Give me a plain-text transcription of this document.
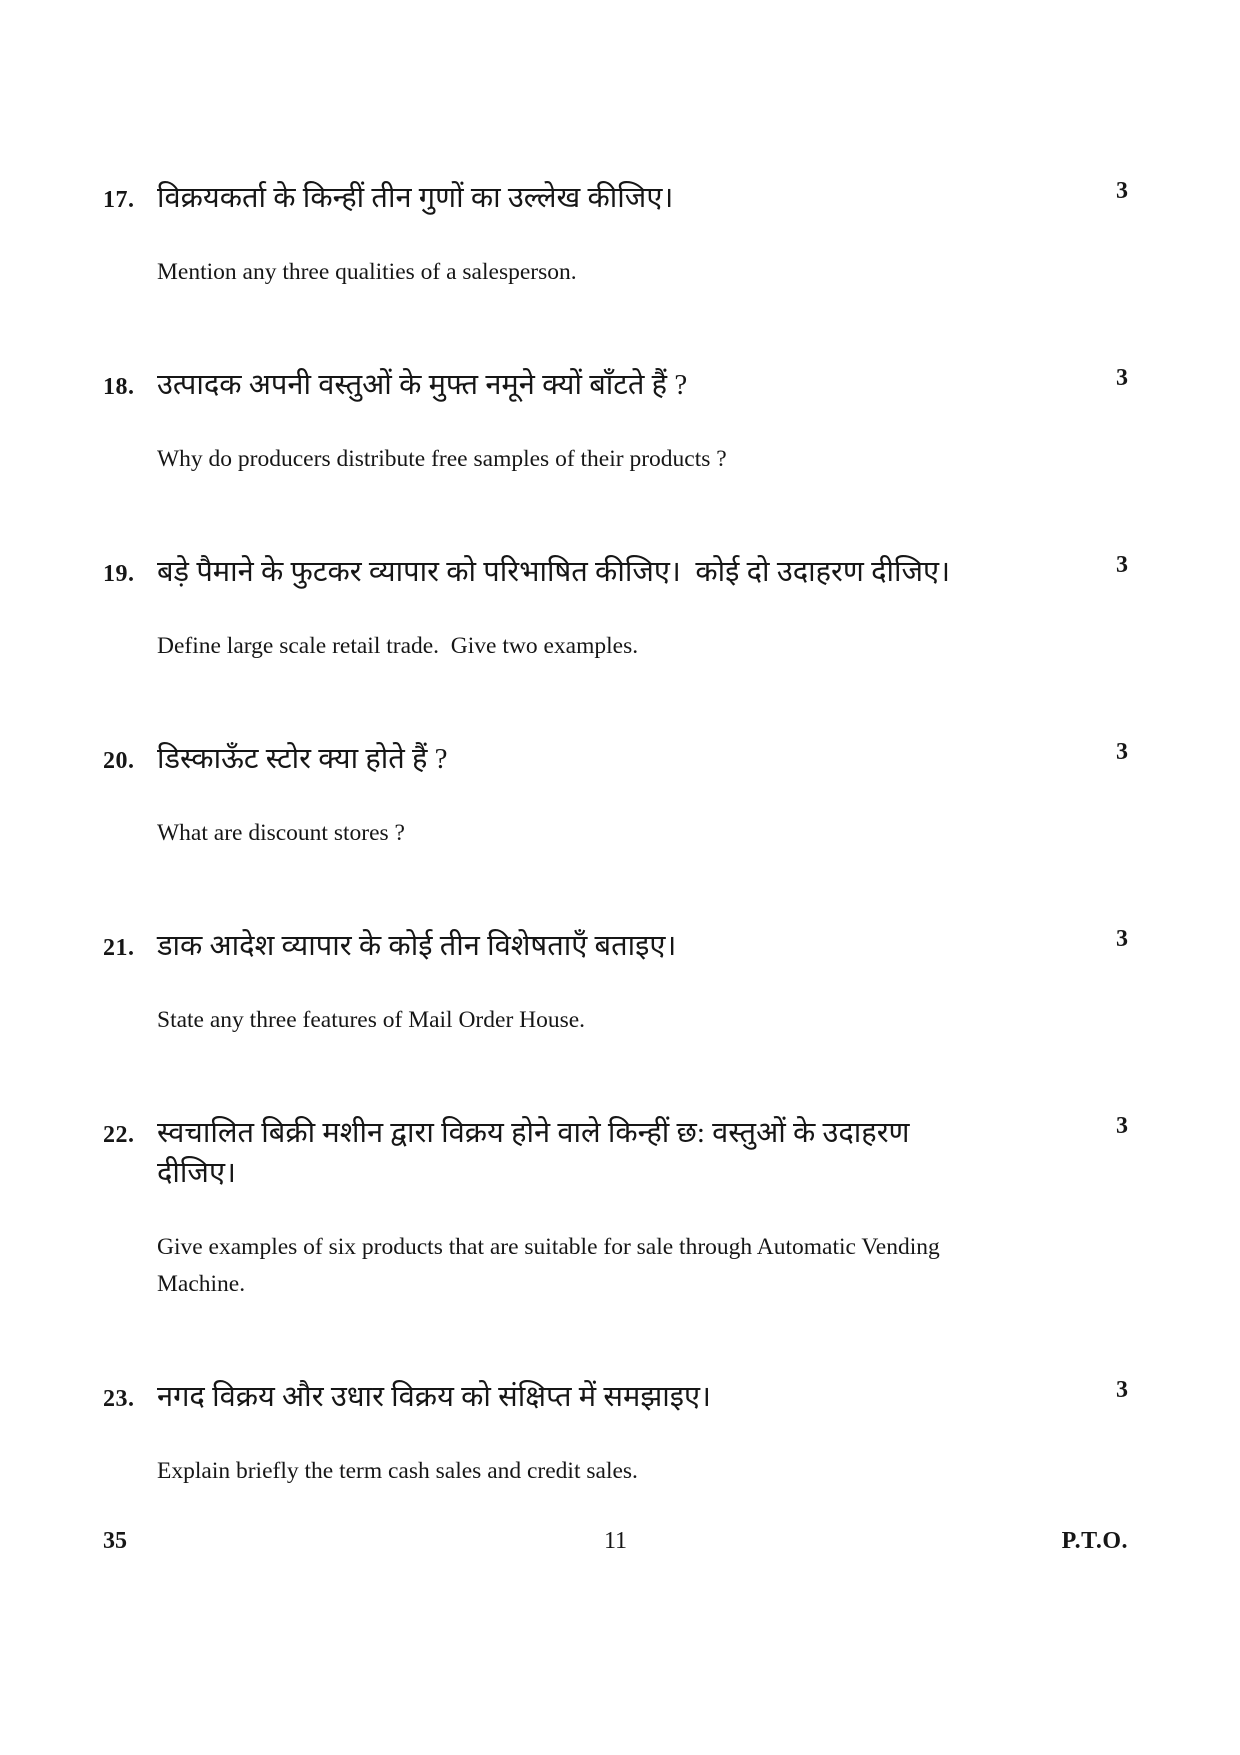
17. विक्रयकर्ता के किन्हीं तीन गुणों का उल्लेख कीजिए।	3
Mention any three qualities of a salesperson.
18. उत्पादक अपनी वस्तुओं के मुफ्त नमूने क्यों बाँटते हैं ?	3
Why do producers distribute free samples of their products ?
19. बड़े पैमाने के फुटकर व्यापार को परिभाषित कीजिए।  कोई दो उदाहरण दीजिए।	3
Define large scale retail trade.  Give two examples.
20. डिस्काऊँट स्टोर क्या होते हैं ?	3
What are discount stores ?
21. डाक आदेश व्यापार के कोई तीन विशेषताएँ बताइए।	3
State any three features of Mail Order House.
22. स्वचालित बिक्री मशीन द्वारा विक्रय होने वाले किन्हीं छ: वस्तुओं के उदाहरण दीजिए।
3
Give examples of six products that are suitable for sale through Automatic Vending Machine.
23. नगद विक्रय और उधार विक्रय को संक्षिप्त में समझाइए।	3
Explain briefly the term cash sales and credit sales.
35	11	P.T.O.
